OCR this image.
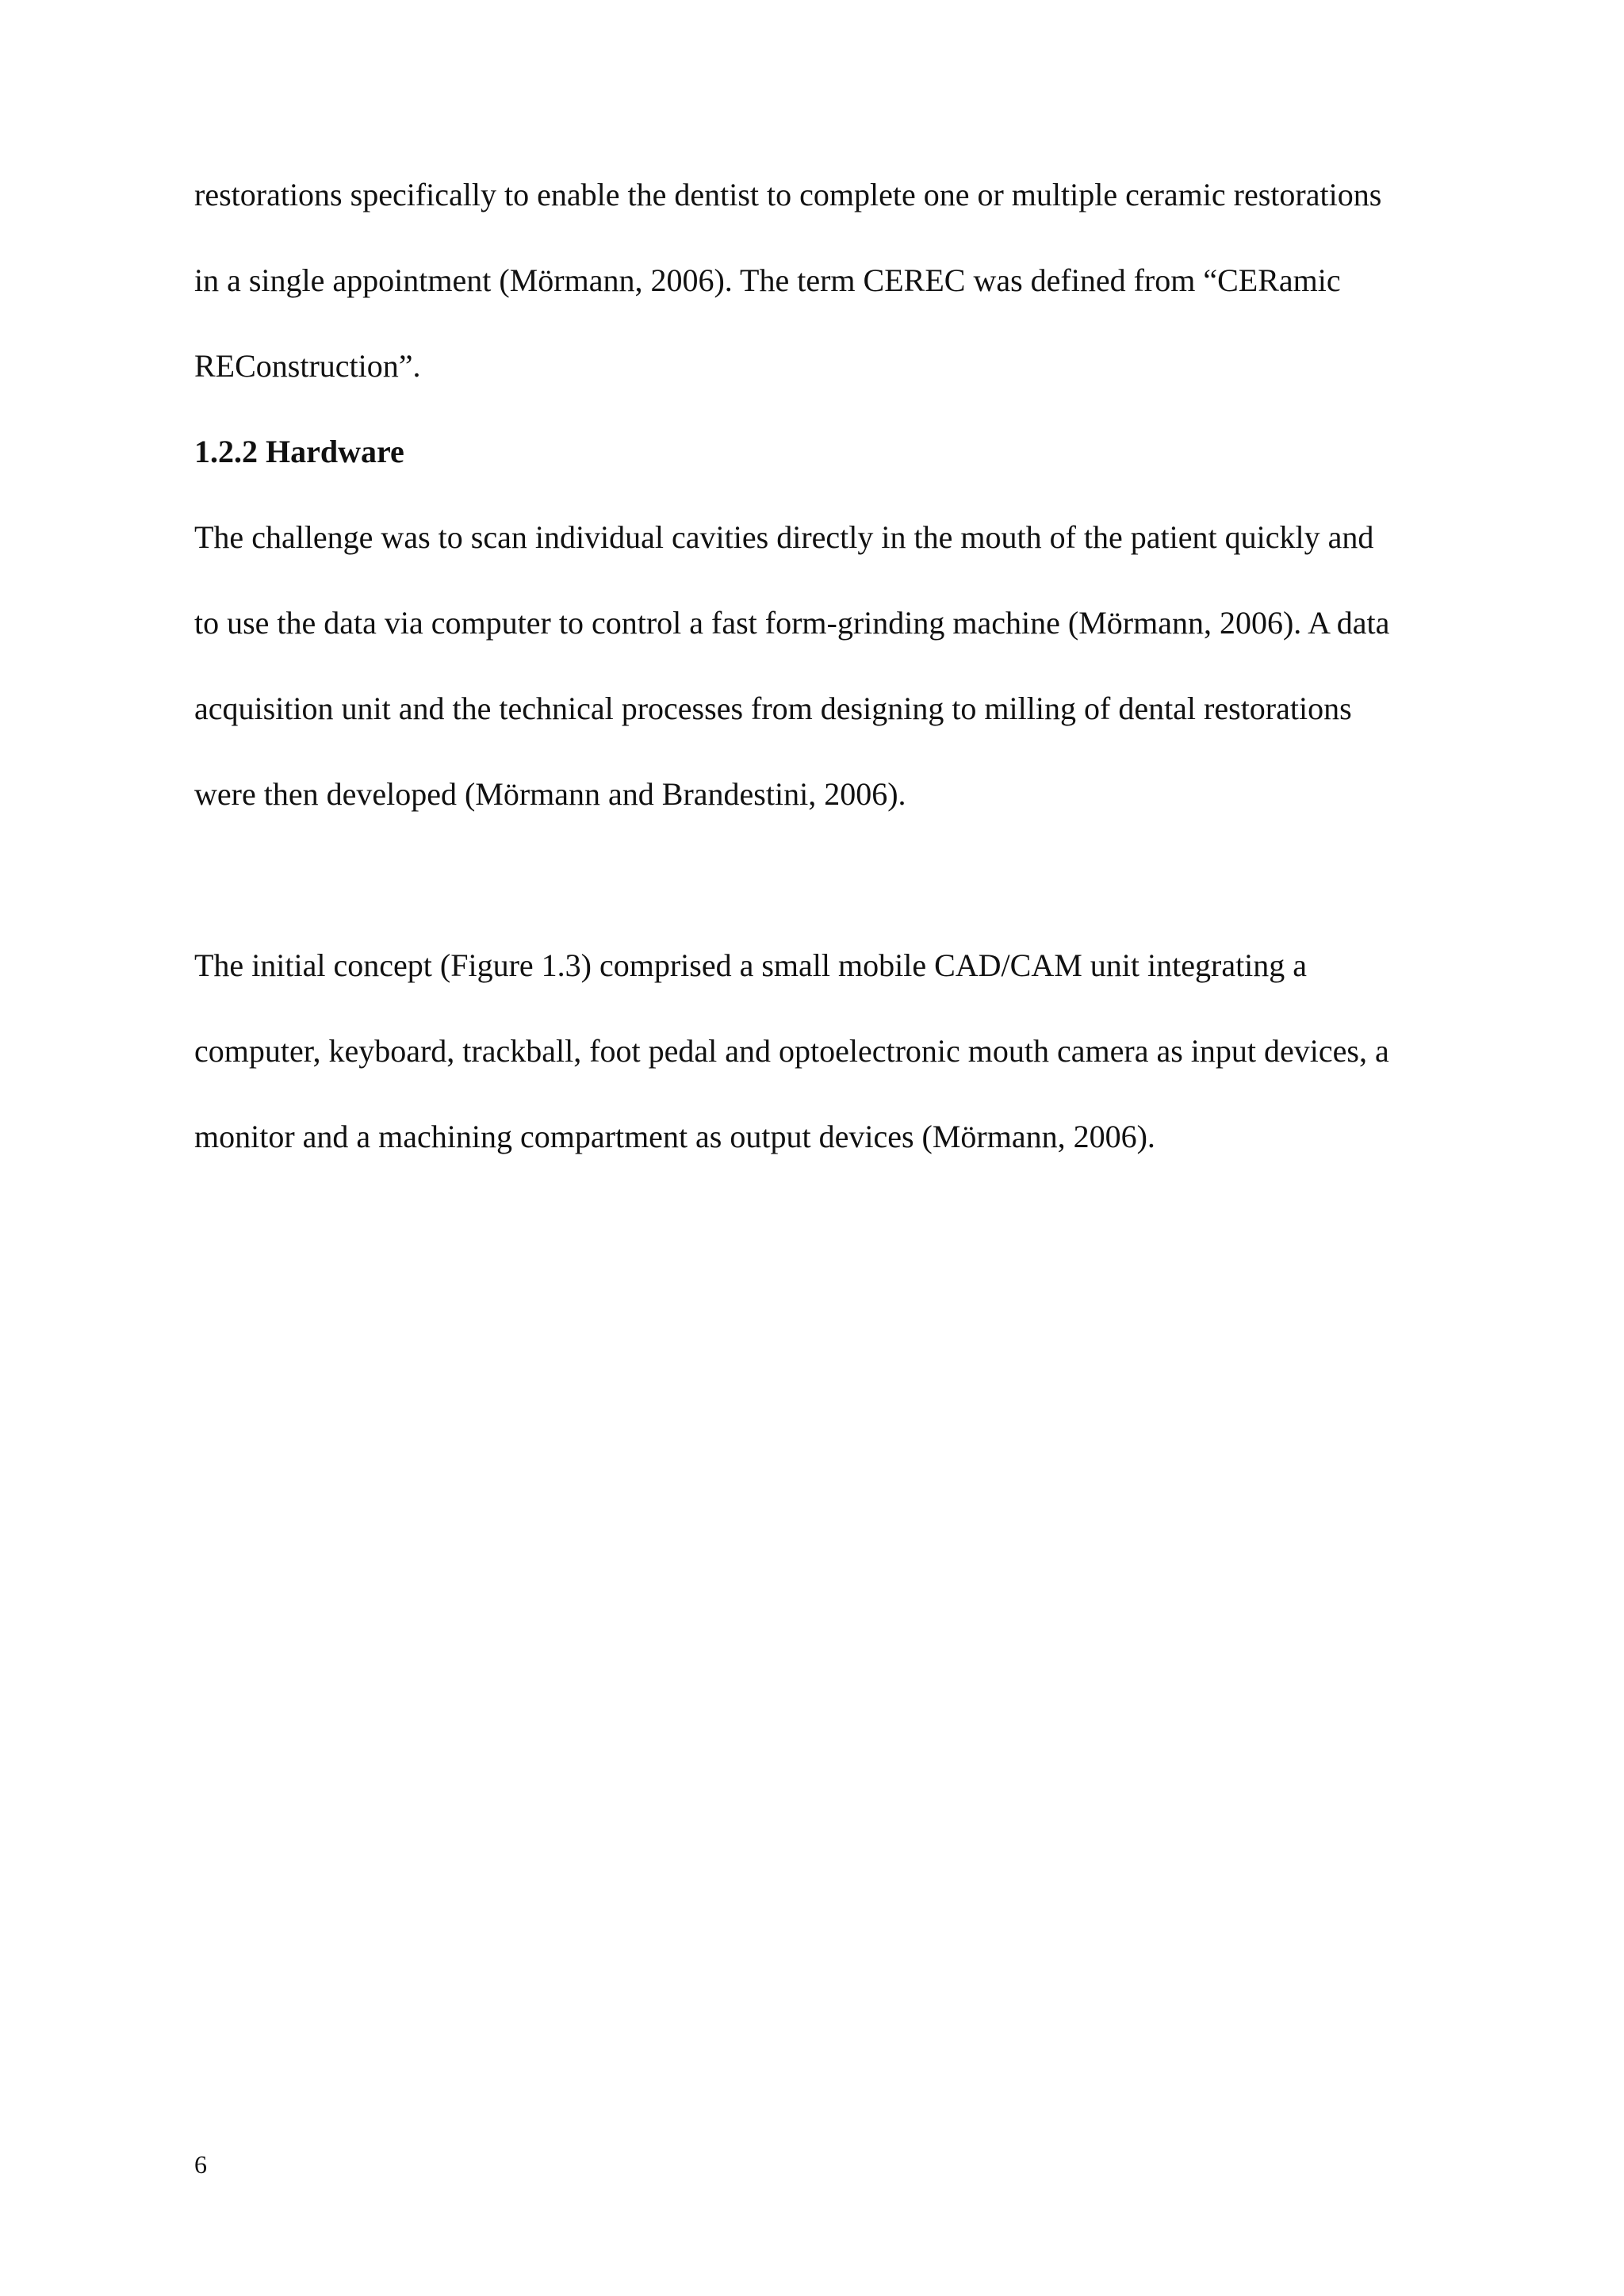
restorations specifically to enable the dentist to complete one or multiple ceramic restorations
in a single appointment (Mörmann, 2006). The term CEREC was defined from “CERamic
REConstruction”.
1.2.2 Hardware
The challenge was to scan individual cavities directly in the mouth of the patient quickly and
to use the data via computer to control a fast form-grinding machine (Mörmann, 2006). A data
acquisition unit and the technical processes from designing to milling of dental restorations
were then developed (Mörmann and Brandestini, 2006).
The initial concept (Figure 1.3) comprised a small mobile CAD/CAM unit integrating a
computer, keyboard, trackball, foot pedal and optoelectronic mouth camera as input devices, a
monitor and a machining compartment as output devices (Mörmann, 2006).
6
